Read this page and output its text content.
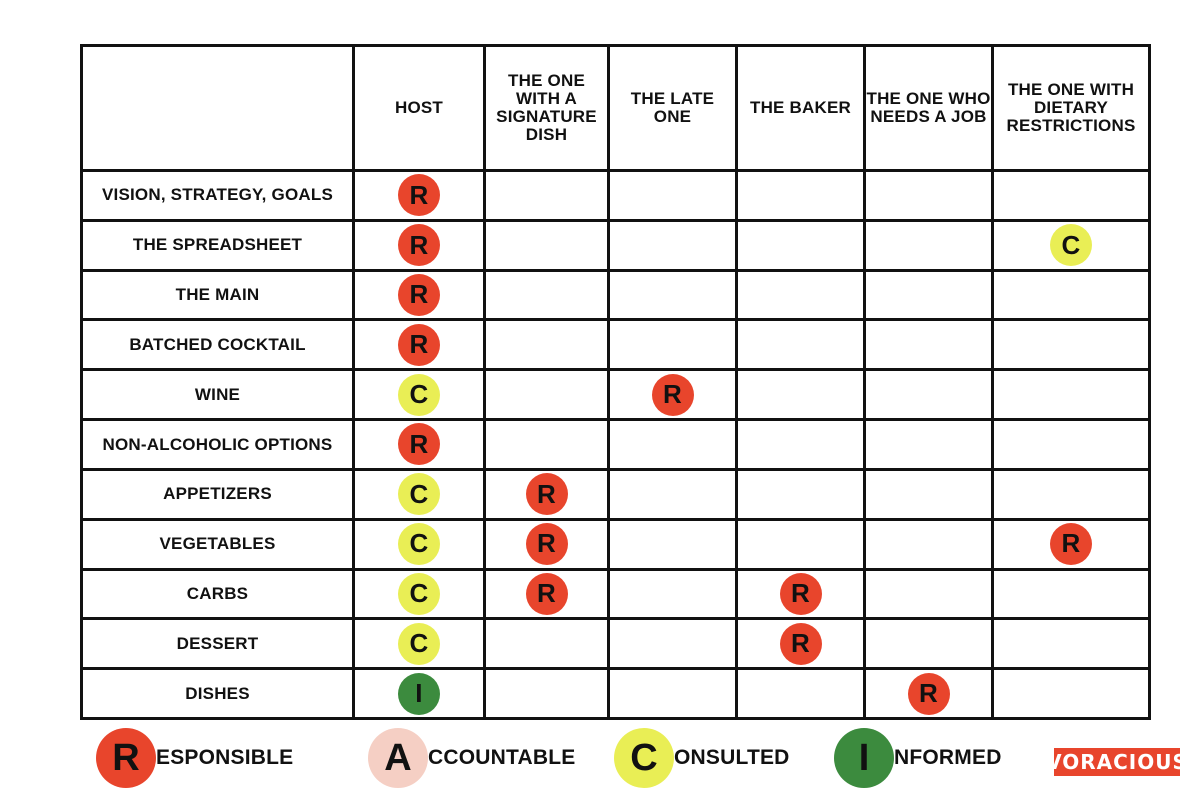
	HOST	THE ONE WITH A SIGNATURE DISH	THE LATE ONE	THE BAKER	THE ONE WHO NEEDS A JOB	THE ONE WITH DIETARY RESTRICTIONS
VISION, STRATEGY, GOALS	R					
THE SPREADSHEET	R					C
THE MAIN	R					
BATCHED COCKTAIL	R					
WINE	C		R			
NON-ALCOHOLIC OPTIONS	R					
APPETIZERS	C	R				
VEGETABLES	C	R				R
CARBS	C	R		R		
DESSERT	C			R		
DISHES	I				R	
R ESPONSIBLE	A CCOUNTABLE	C ONSULTED	I	NFORMED VORACIOUS
